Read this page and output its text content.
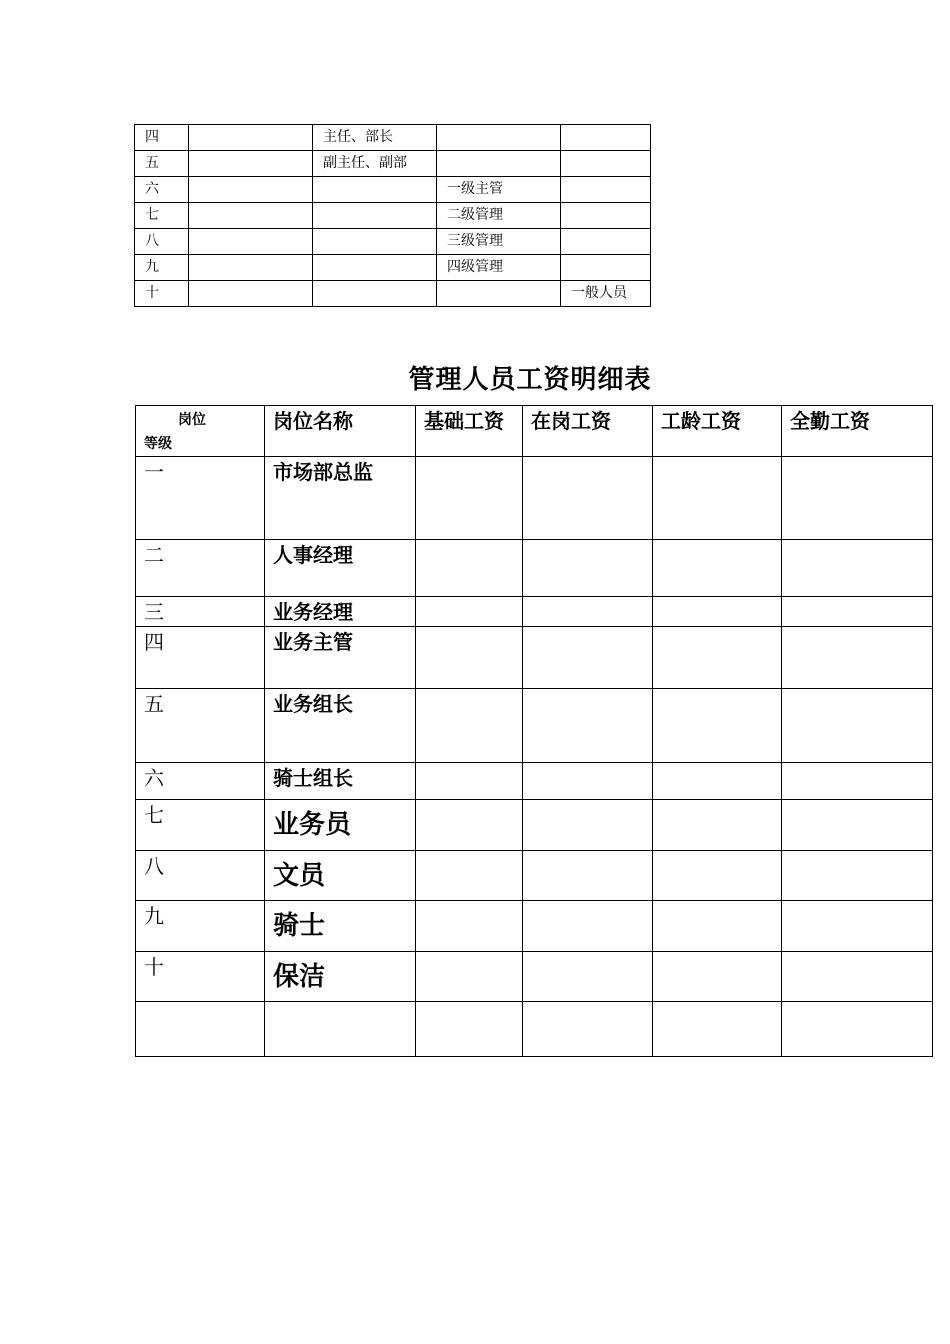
四		主任、部长		
五		副主任、副部		
六			一级主管	
七			二级管理	
八			三级管理	
九			四级管理	
十				一般人员
管理人员工资明细表
岗位
等级	岗位名称	基础工资	在岗工资	工龄工资	全勤工资
一	市场部总监				
二	人事经理				
三	业务经理				
四	业务主管				
五	业务组长				
六	骑士组长				
七	业务员				
八	文员				
九	骑士				
十	保洁				
